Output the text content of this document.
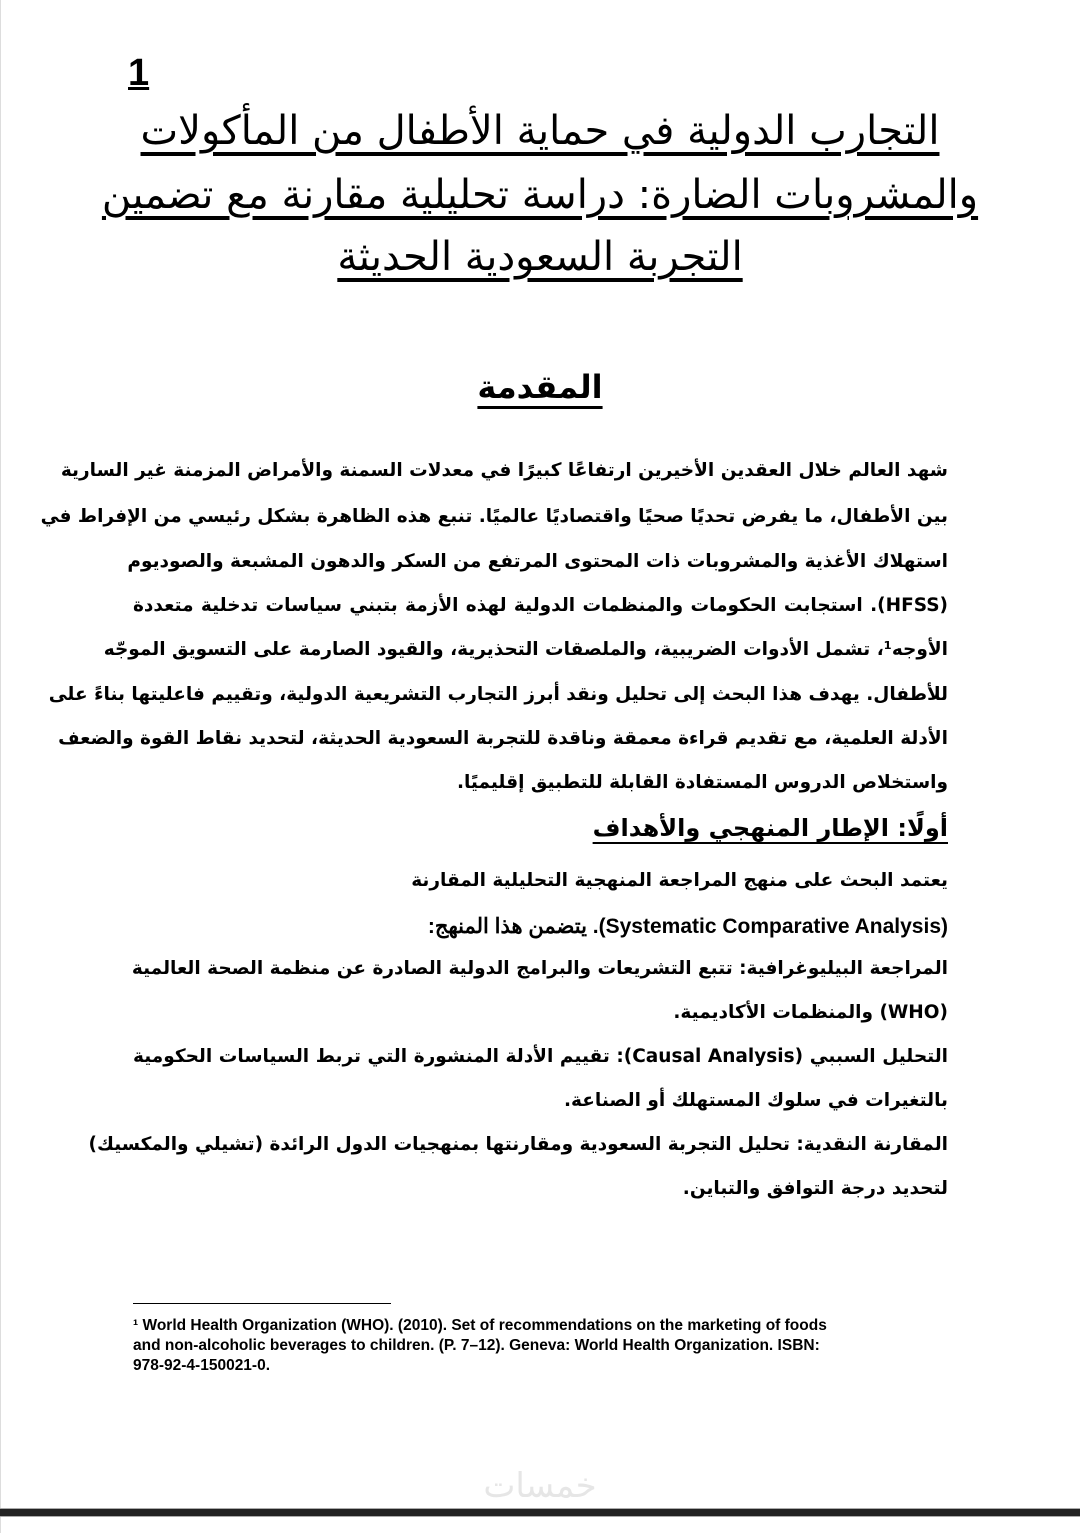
1
التجارب الدولية في حماية الأطفال من المأكولات
والمشروبات الضارة: دراسة تحليلية مقارنة مع تضمين
التجربة السعودية الحديثة
المقدمة
شهد العالم خلال العقدين الأخيرين ارتفاعًا كبيرًا في معدلات السمنة والأمراض المزمنة غير السارية
بين الأطفال، ما يفرض تحديًا صحيًا واقتصاديًا عالميًا. تنبع هذه الظاهرة بشكل رئيسي من الإفراط في
استهلاك الأغذية والمشروبات ذات المحتوى المرتفع من السكر والدهون المشبعة والصوديوم
(HFSS). استجابت الحكومات والمنظمات الدولية لهذه الأزمة بتبني سياسات تدخلية متعددة
الأوجه¹، تشمل الأدوات الضريبية، والملصقات التحذيرية، والقيود الصارمة على التسويق الموجّه
للأطفال. يهدف هذا البحث إلى تحليل ونقد أبرز التجارب التشريعية الدولية، وتقييم فاعليتها بناءً على
الأدلة العلمية، مع تقديم قراءة معمقة وناقدة للتجربة السعودية الحديثة، لتحديد نقاط القوة والضعف
واستخلاص الدروس المستفادة القابلة للتطبيق إقليميًا.
أولًا: الإطار المنهجي والأهداف
يعتمد البحث على منهج المراجعة المنهجية التحليلية المقارنة
(Systematic Comparative Analysis). يتضمن هذا المنهج:
المراجعة البيليوغرافية: تتبع التشريعات والبرامج الدولية الصادرة عن منظمة الصحة العالمية
(WHO) والمنظمات الأكاديمية.
التحليل السببي (Causal Analysis): تقييم الأدلة المنشورة التي تربط السياسات الحكومية
بالتغيرات في سلوك المستهلك أو الصناعة.
المقارنة النقدية: تحليل التجربة السعودية ومقارنتها بمنهجيات الدول الرائدة (تشيلي والمكسيك)
لتحديد درجة التوافق والتباين.
¹ World Health Organization (WHO). (2010). Set of recommendations on the marketing of foods
and non-alcoholic beverages to children. (P. 7–12). Geneva: World Health Organization. ISBN:
978-92-4-150021-0.
خمسات
